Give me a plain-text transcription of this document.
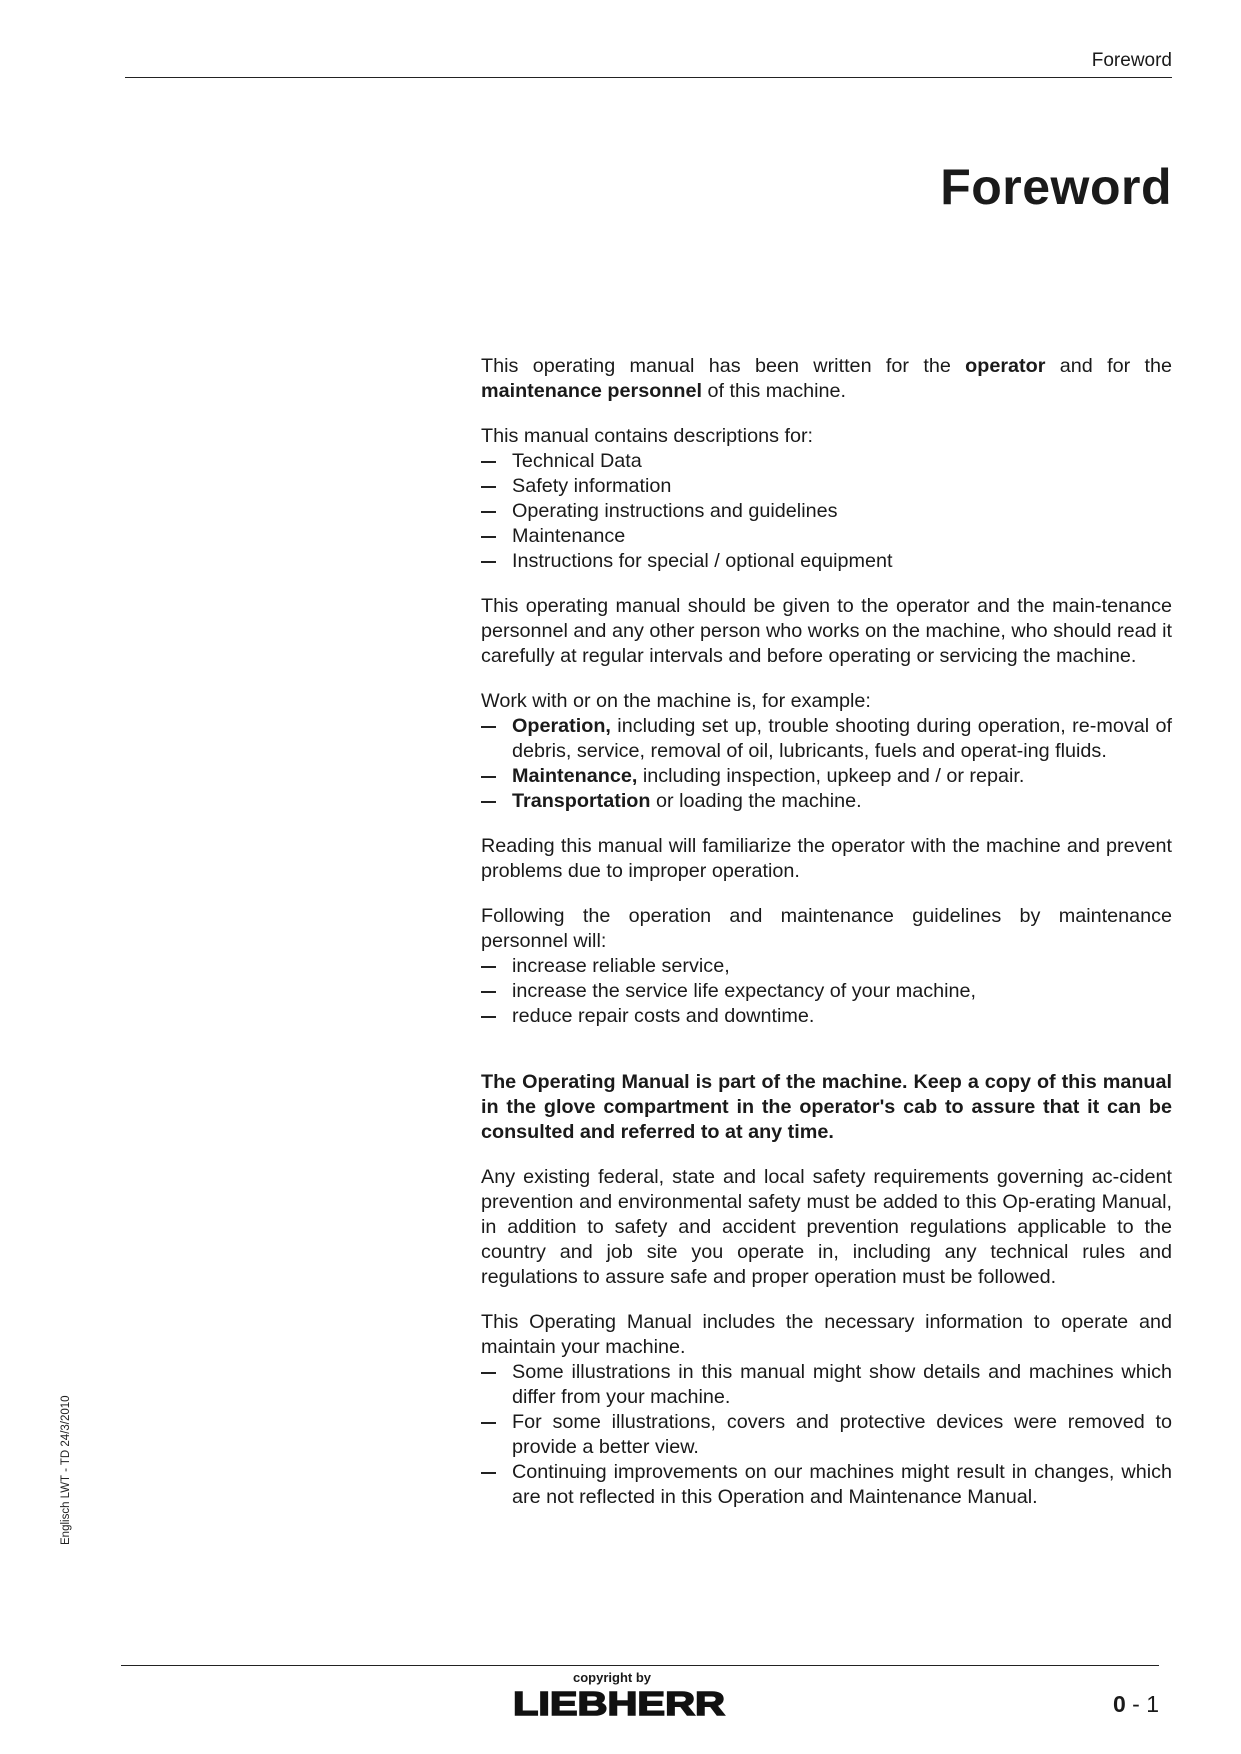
Foreword
Foreword

This operating manual has been written for the operator and for the maintenance personnel of this machine.

This manual contains descriptions for:

Technical Data
Safety information
Operating instructions and guidelines
Maintenance
Instructions for special / optional equipment

This operating manual should be given to the operator and the main-tenance personnel and any other person who works on the machine, who should read it carefully at regular intervals and before operating or servicing the machine.

Work with or on the machine is, for example:

Operation, including set up, trouble shooting during operation, re-moval of debris, service, removal of oil, lubricants, fuels and operat-ing fluids.
Maintenance, including inspection, upkeep and / or repair.
Transportation or loading the machine.

Reading this manual will familiarize the operator with the machine and prevent problems due to improper operation.

Following the operation and maintenance guidelines by maintenance personnel will:

increase reliable service,
increase the service life expectancy of your machine,
reduce repair costs and downtime.

The Operating Manual is part of the machine. Keep a copy of this manual in the glove compartment in the operator's cab to assure that it can be consulted and referred to at any time.

Any existing federal, state and local safety requirements governing ac-cident prevention and environmental safety must be added to this Op-erating Manual, in addition to safety and accident prevention regulations applicable to the country and job site you operate in, including any technical rules and regulations to assure safe and proper operation must be followed.

This Operating Manual includes the necessary information to operate and maintain your machine.

Some illustrations in this manual might show details and machines which differ from your machine.
For some illustrations, covers and protective devices were removed to provide a better view.
Continuing improvements on our machines might result in changes, which are not reflected in this Operation and Maintenance Manual.
Englisch LWT - TD 24/3/2010
copyright by
LIEBHERR	0 - 1
